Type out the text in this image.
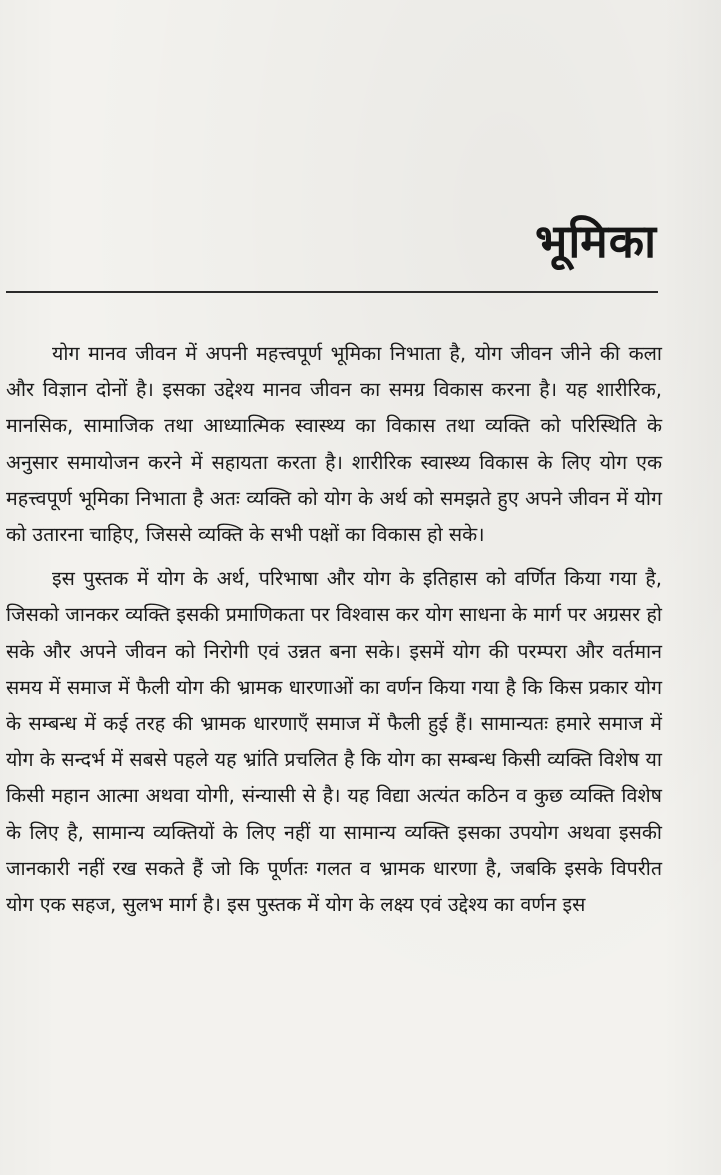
भूमिका

योग मानव जीवन में अपनी महत्त्वपूर्ण भूमिका निभाता है, योग जीवन जीने की कला और विज्ञान दोनों है। इसका उद्देश्य मानव जीवन का समग्र विकास करना है। यह शारीरिक, मानसिक, सामाजिक तथा आध्यात्मिक स्वास्थ्य का विकास तथा व्यक्ति को परिस्थिति के अनुसार समायोजन करने में सहायता करता है। शारीरिक स्वास्थ्य विकास के लिए योग एक महत्त्वपूर्ण भूमिका निभाता है अतः व्यक्ति को योग के अर्थ को समझते हुए अपने जीवन में योग को उतारना चाहिए, जिससे व्यक्ति के सभी पक्षों का विकास हो सके।

इस पुस्तक में योग के अर्थ, परिभाषा और योग के इतिहास को वर्णित किया गया है, जिसको जानकर व्यक्ति इसकी प्रमाणिकता पर विश्वास कर योग साधना के मार्ग पर अग्रसर हो सके और अपने जीवन को निरोगी एवं उन्नत बना सके। इसमें योग की परम्परा और वर्तमान समय में समाज में फैली योग की भ्रामक धारणाओं का वर्णन किया गया है कि किस प्रकार योग के सम्बन्ध में कई तरह की भ्रामक धारणाएँ समाज में फैली हुई हैं। सामान्यतः हमारे समाज में योग के सन्दर्भ में सबसे पहले यह भ्रांति प्रचलित है कि योग का सम्बन्ध किसी व्यक्ति विशेष या किसी महान आत्मा अथवा योगी, संन्यासी से है। यह विद्या अत्यंत कठिन व कुछ व्यक्ति विशेष के लिए है, सामान्य व्यक्तियों के लिए नहीं या सामान्य व्यक्ति इसका उपयोग अथवा इसकी जानकारी नहीं रख सकते हैं जो कि पूर्णतः गलत व भ्रामक धारणा है, जबकि इसके विपरीत योग एक सहज, सुलभ मार्ग है। इस पुस्तक में योग के लक्ष्य एवं उद्देश्य का वर्णन इस
